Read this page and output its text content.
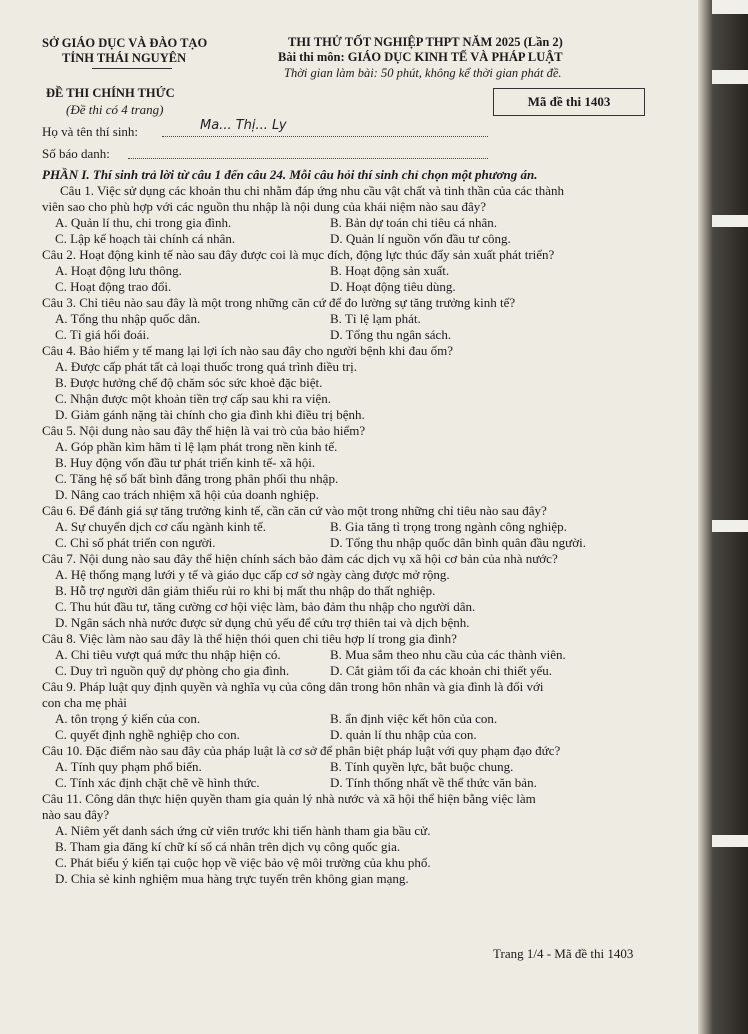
SỞ GIÁO DỤC VÀ ĐÀO TẠO
TỈNH THÁI NGUYÊN
THI THỬ TỐT NGHIỆP THPT NĂM 2025 (Lần 2)
Bài thi môn: GIÁO DỤC KINH TẾ VÀ PHÁP LUẬT
Thời gian làm bài: 50 phút, không kể thời gian phát đề.
ĐỀ THI CHÍNH THỨC
(Đề thi có 4 trang)
Mã đề thi 1403
Họ và tên thí sinh:	Ma... Thị... Ly
Số báo danh:
PHẦN I. Thí sinh trả lời từ câu 1 đến câu 24. Mỗi câu hỏi thí sinh chỉ chọn một phương án.
Câu 1. Việc sử dụng các khoản thu chi nhằm đáp ứng nhu cầu vật chất và tinh thần của các thành
viên sao cho phù hợp với các nguồn thu nhập là nội dung của khái niệm nào sau đây?
A. Quản lí thu, chi trong gia đình.	B. Bản dự toán chi tiêu cá nhân.
C. Lập kế hoạch tài chính cá nhân.	D. Quản lí nguồn vốn đầu tư công.
Câu 2. Hoạt động kinh tế nào sau đây được coi là mục đích, động lực thúc đẩy sản xuất phát triển?
A. Hoạt động lưu thông.	B. Hoạt động sản xuất.
C. Hoạt động trao đổi.	D. Hoạt động tiêu dùng.
Câu 3. Chỉ tiêu nào sau đây là một trong những căn cứ để đo lường sự tăng trưởng kinh tế?
A. Tổng thu nhập quốc dân.	B. Tỉ lệ lạm phát.
C. Tỉ giá hối đoái.	D. Tổng thu ngân sách.
Câu 4. Bảo hiểm y tế mang lại lợi ích nào sau đây cho người bệnh khi đau ốm?
A. Được cấp phát tất cả loại thuốc trong quá trình điều trị.
B. Được hưởng chế độ chăm sóc sức khoẻ đặc biệt.
C. Nhận được một khoản tiền trợ cấp sau khi ra viện.
D. Giảm gánh nặng tài chính cho gia đình khi điều trị bệnh.
Câu 5. Nội dung nào sau đây thể hiện là vai trò của bảo hiểm?
A. Góp phần kìm hãm tỉ lệ lạm phát trong nền kinh tế.
B. Huy động vốn đầu tư phát triển kinh tế- xã hội.
C. Tăng hệ số bất bình đẳng trong phân phối thu nhập.
D. Nâng cao trách nhiệm xã hội của doanh nghiệp.
Câu 6. Để đánh giá sự tăng trưởng kinh tế, cần căn cứ vào một trong những chỉ tiêu nào sau đây?
A. Sự chuyển dịch cơ cấu ngành kinh tế.	B. Gia tăng tỉ trọng trong ngành công nghiệp.
C. Chỉ số phát triển con người.	D. Tổng thu nhập quốc dân bình quân đầu người.
Câu 7. Nội dung nào sau đây thể hiện chính sách bảo đảm các dịch vụ xã hội cơ bản của nhà nước?
A. Hệ thống mạng lưới y tế và giáo dục cấp cơ sở ngày càng được mở rộng.
B. Hỗ trợ người dân giảm thiểu rủi ro khi bị mất thu nhập do thất nghiệp.
C. Thu hút đầu tư, tăng cường cơ hội việc làm, bảo đảm thu nhập cho người dân.
D. Ngân sách nhà nước được sử dụng chủ yếu để cứu trợ thiên tai và dịch bệnh.
Câu 8. Việc làm nào sau đây là thể hiện thói quen chi tiêu hợp lí trong gia đình?
A. Chi tiêu vượt quá mức thu nhập hiện có.	B. Mua sắm theo nhu cầu của các thành viên.
C. Duy trì nguồn quỹ dự phòng cho gia đình.	D. Cắt giảm tối đa các khoản chi thiết yếu.
Câu 9. Pháp luật quy định quyền và nghĩa vụ của công dân trong hôn nhân và gia đình là đối với
con cha mẹ phải
A. tôn trọng ý kiến của con.	B. ẩn định việc kết hôn của con.
C. quyết định nghề nghiệp cho con.	D. quản lí thu nhập của con.
Câu 10. Đặc điểm nào sau đây của pháp luật là cơ sở để phân biệt pháp luật với quy phạm đạo đức?
A. Tính quy phạm phổ biến.	B. Tính quyền lực, bắt buộc chung.
C. Tính xác định chặt chẽ về hình thức.	D. Tính thống nhất về thể thức văn bản.
Câu 11. Công dân thực hiện quyền tham gia quản lý nhà nước và xã hội thể hiện bằng việc làm
nào sau đây?
A. Niêm yết danh sách ứng cử viên trước khi tiến hành tham gia bầu cử.
B. Tham gia đăng kí chữ kí số cá nhân trên dịch vụ công quốc gia.
C. Phát biểu ý kiến tại cuộc họp về việc bảo vệ môi trường của khu phố.
D. Chia sẻ kinh nghiệm mua hàng trực tuyến trên không gian mạng.
Trang 1/4 - Mã đề thi 1403
